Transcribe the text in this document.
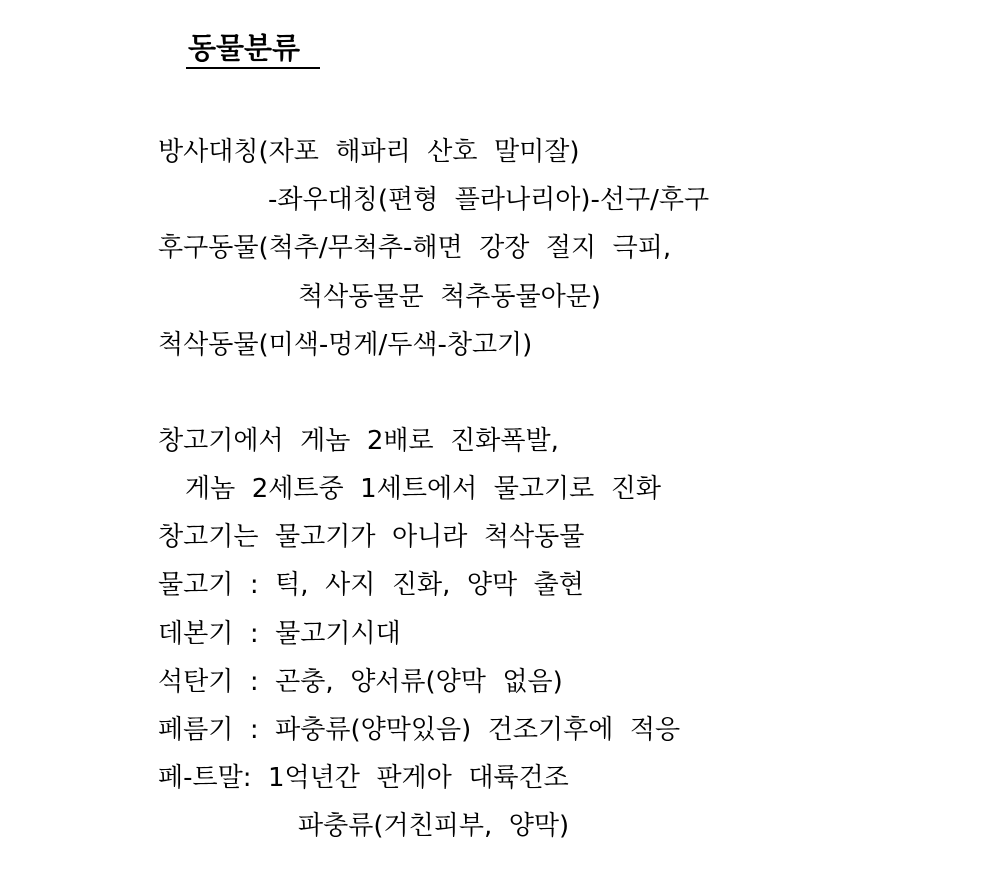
동물분류
방사대칭(자포  해파리  산호  말미잘)
-좌우대칭(편형  플라나리아)-선구/후구
후구동물(척추/무척추-해면  강장  절지  극피,
척삭동물문  척추동물아문)
척삭동물(미색-멍게/두색-창고기)
창고기에서  게놈  2배로  진화폭발,
게놈  2세트중  1세트에서  물고기로  진화
창고기는  물고기가  아니라  척삭동물
물고기  :  턱,  사지  진화,  양막  출현
데본기  :  물고기시대
석탄기  :  곤충,  양서류(양막  없음)
페름기  :  파충류(양막있음)  건조기후에  적응
페-트말:  1억년간  판게아  대륙건조
파충류(거친피부,  양막)
